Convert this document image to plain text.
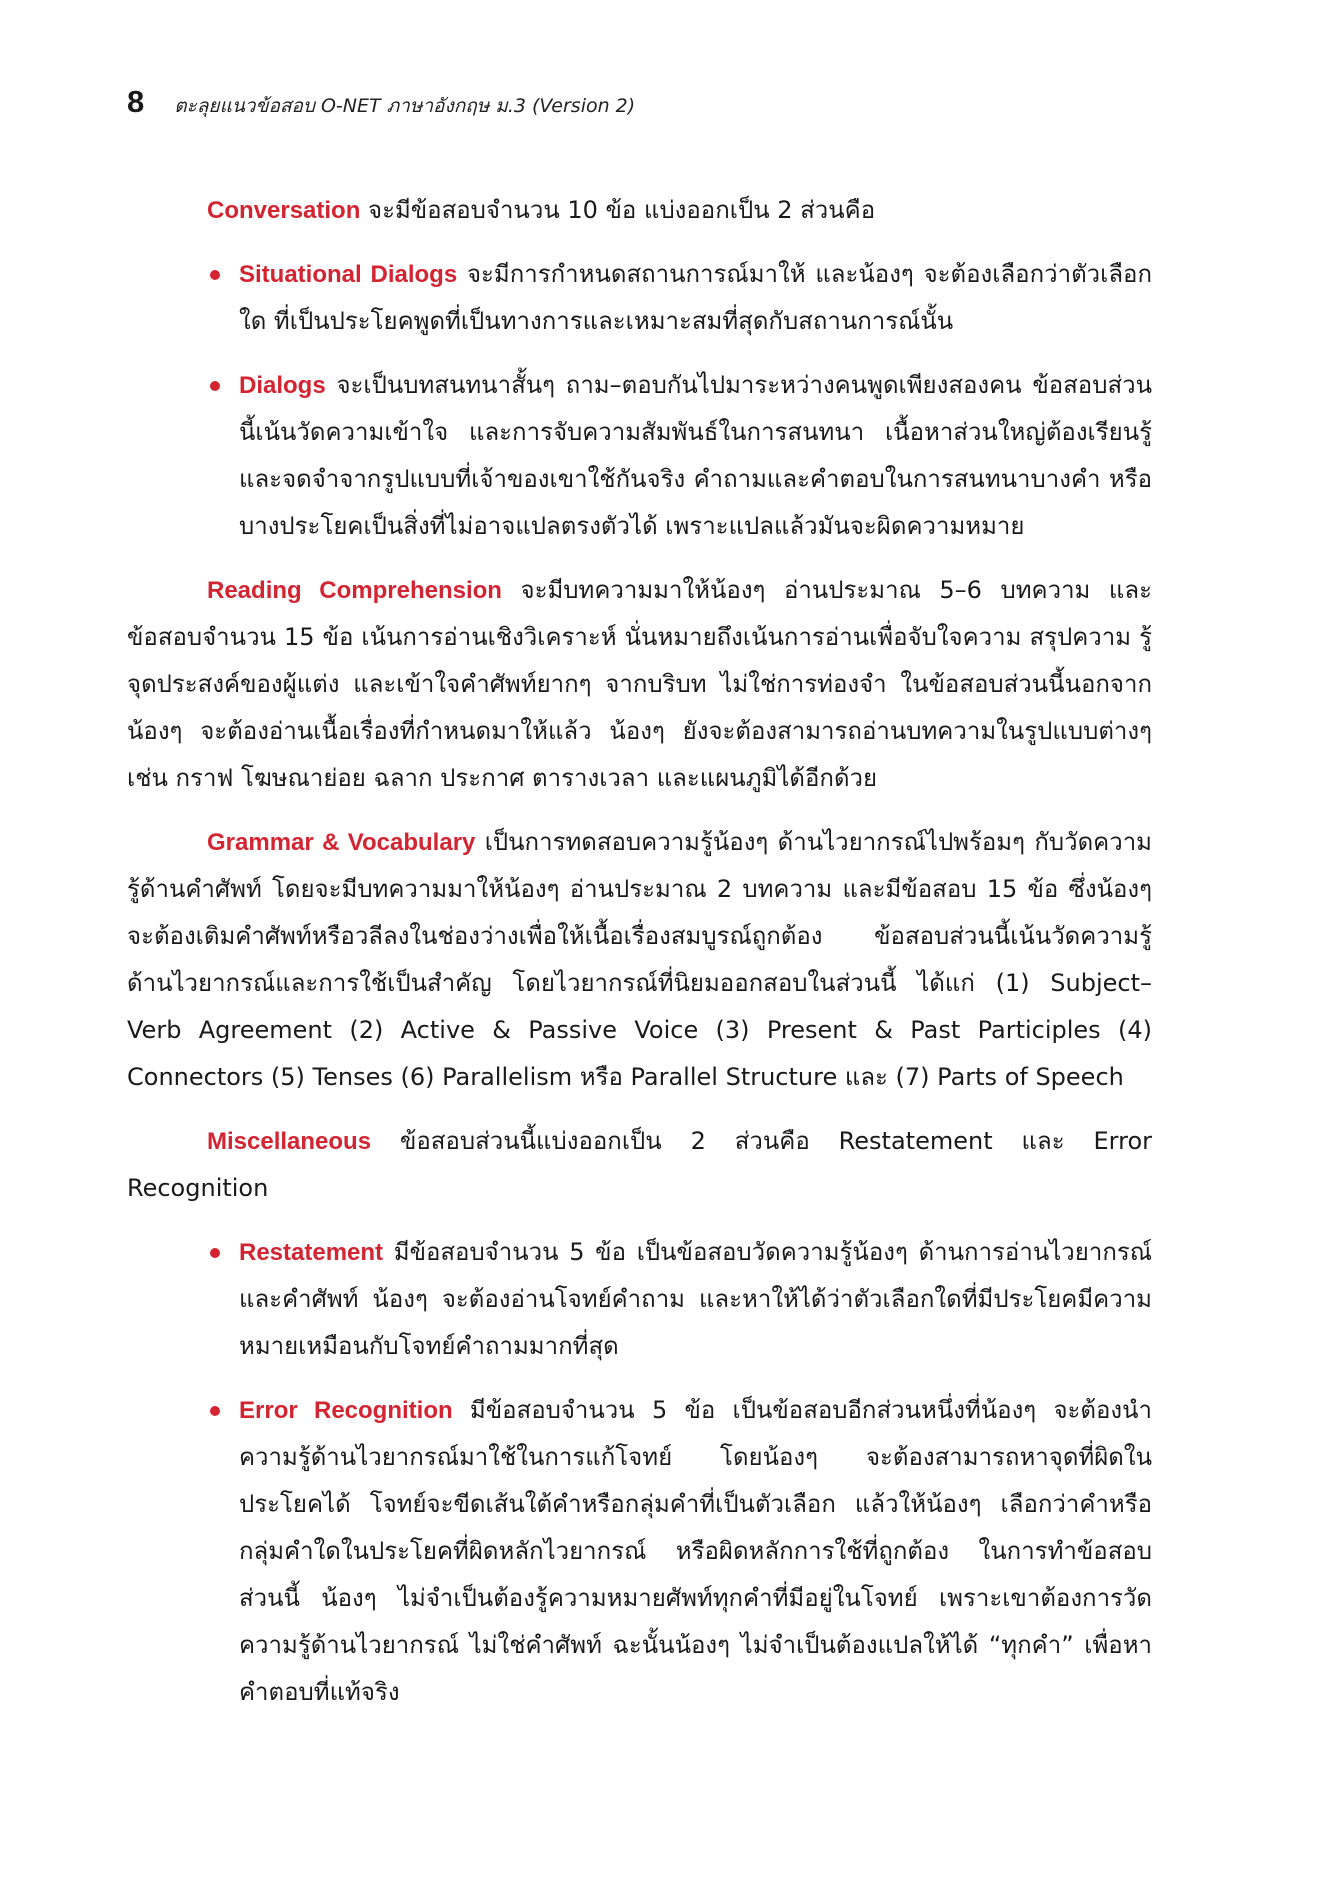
8 ตะลุยแนวข้อสอบ O-NET ภาษาอังกฤษ ม.3 (Version 2)

Conversation จะมีข้อสอบจำนวน 10 ข้อ แบ่งออกเป็น 2 ส่วนคือ

Situational Dialogs จะมีการกำหนดสถานการณ์มาให้ และน้องๆ จะต้องเลือกว่าตัวเลือกใด ที่เป็นประโยคพูดที่เป็นทางการและเหมาะสมที่สุดกับสถานการณ์นั้น
Dialogs จะเป็นบทสนทนาสั้นๆ ถาม–ตอบกันไปมาระหว่างคนพูดเพียงสองคน ข้อสอบส่วนนี้เน้นวัดความเข้าใจ และการจับความสัมพันธ์ในการสนทนา เนื้อหาส่วนใหญ่ต้องเรียนรู้และจดจำจากรูปแบบที่เจ้าของเขาใช้กันจริง คำถามและคำตอบในการสนทนาบางคำ หรือบางประโยคเป็นสิ่งที่ไม่อาจแปลตรงตัวได้ เพราะแปลแล้วมันจะผิดความหมาย

Reading Comprehension จะมีบทความมาให้น้องๆ อ่านประมาณ 5–6 บทความ และข้อสอบจำนวน 15 ข้อ เน้นการอ่านเชิงวิเคราะห์ นั่นหมายถึงเน้นการอ่านเพื่อจับใจความ สรุปความ รู้จุดประสงค์ของผู้แต่ง และเข้าใจคำศัพท์ยากๆ จากบริบท ไม่ใช่การท่องจำ ในข้อสอบส่วนนี้นอกจากน้องๆ จะต้องอ่านเนื้อเรื่องที่กำหนดมาให้แล้ว น้องๆ ยังจะต้องสามารถอ่านบทความในรูปแบบต่างๆ เช่น กราฟ โฆษณาย่อย ฉลาก ประกาศ ตารางเวลา และแผนภูมิได้อีกด้วย

Grammar & Vocabulary เป็นการทดสอบความรู้น้องๆ ด้านไวยากรณ์ไปพร้อมๆ กับวัดความรู้ด้านคำศัพท์ โดยจะมีบทความมาให้น้องๆ อ่านประมาณ 2 บทความ และมีข้อสอบ 15 ข้อ ซึ่งน้องๆ จะต้องเติมคำศัพท์หรือวลีลงในช่องว่างเพื่อให้เนื้อเรื่องสมบูรณ์ถูกต้อง ข้อสอบส่วนนี้เน้นวัดความรู้ด้านไวยากรณ์และการใช้เป็นสำคัญ โดยไวยากรณ์ที่นิยมออกสอบในส่วนนี้ ได้แก่ (1) Subject–Verb Agreement (2) Active & Passive Voice (3) Present & Past Participles (4) Connectors (5) Tenses (6) Parallelism หรือ Parallel Structure และ (7) Parts of Speech

Miscellaneous ข้อสอบส่วนนี้แบ่งออกเป็น 2 ส่วนคือ Restatement และ Error Recognition

Restatement มีข้อสอบจำนวน 5 ข้อ เป็นข้อสอบวัดความรู้น้องๆ ด้านการอ่านไวยากรณ์ และคำศัพท์ น้องๆ จะต้องอ่านโจทย์คำถาม และหาให้ได้ว่าตัวเลือกใดที่มีประโยคมีความหมายเหมือนกับโจทย์คำถามมากที่สุด
Error Recognition มีข้อสอบจำนวน 5 ข้อ เป็นข้อสอบอีกส่วนหนึ่งที่น้องๆ จะต้องนำความรู้ด้านไวยากรณ์มาใช้ในการแก้โจทย์ โดยน้องๆ จะต้องสามารถหาจุดที่ผิดในประโยคได้ โจทย์จะขีดเส้นใต้คำหรือกลุ่มคำที่เป็นตัวเลือก แล้วให้น้องๆ เลือกว่าคำหรือกลุ่มคำใดในประโยคที่ผิดหลักไวยากรณ์ หรือผิดหลักการใช้ที่ถูกต้อง ในการทำข้อสอบส่วนนี้ น้องๆ ไม่จำเป็นต้องรู้ความหมายศัพท์ทุกคำที่มีอยู่ในโจทย์ เพราะเขาต้องการวัดความรู้ด้านไวยากรณ์ ไม่ใช่คำศัพท์ ฉะนั้นน้องๆ ไม่จำเป็นต้องแปลให้ได้ “ทุกคำ” เพื่อหาคำตอบที่แท้จริง
